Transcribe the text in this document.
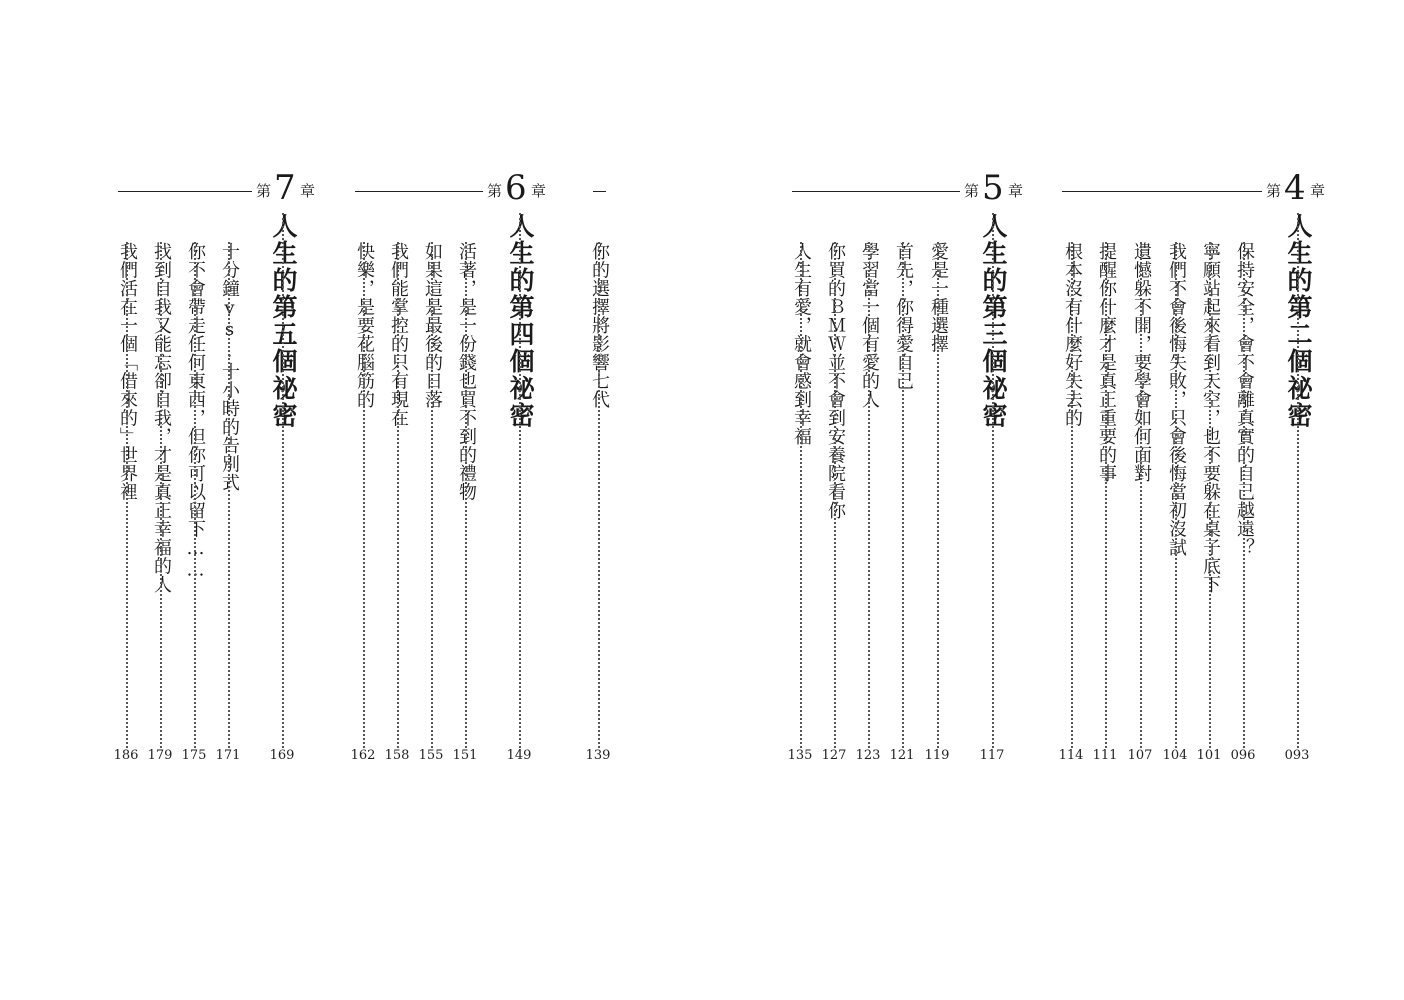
第 4 章
人生的第二個祕密
093
保持安全，會不會離真實的自己越遠？
096
寧願站起來看到天空，也不要躲在桌子底下
101
我們不會後悔失敗，只會後悔當初沒試
104
遺憾躲不開，要學會如何面對
107
提醒你什麼才是真正重要的事
111
根本沒有什麼好失去的
114
第 5 章
人生的第三個祕密
117
愛是一種選擇
119
首先，你得愛自己
121
學習當一個有愛的人
123
你買的ＢＭＷ並不會到安養院看你
127
人生有愛，就會感到幸福
135
你的選擇將影響七代
139
第 6 章
人生的第四個祕密
149
活著，是一份錢也買不到的禮物
151
如果這是最後的日落
155
我們能掌控的只有現在
158
快樂，是要花腦筋的
162
第 7 章
人生的第五個祕密
169
十分鐘vs.十小時的告別式
171
你不會帶走任何東西，但你可以留下……
175
找到自我又能忘卻自我，才是真正幸福的人
179
我們活在一個「借來的」世界裡
186
